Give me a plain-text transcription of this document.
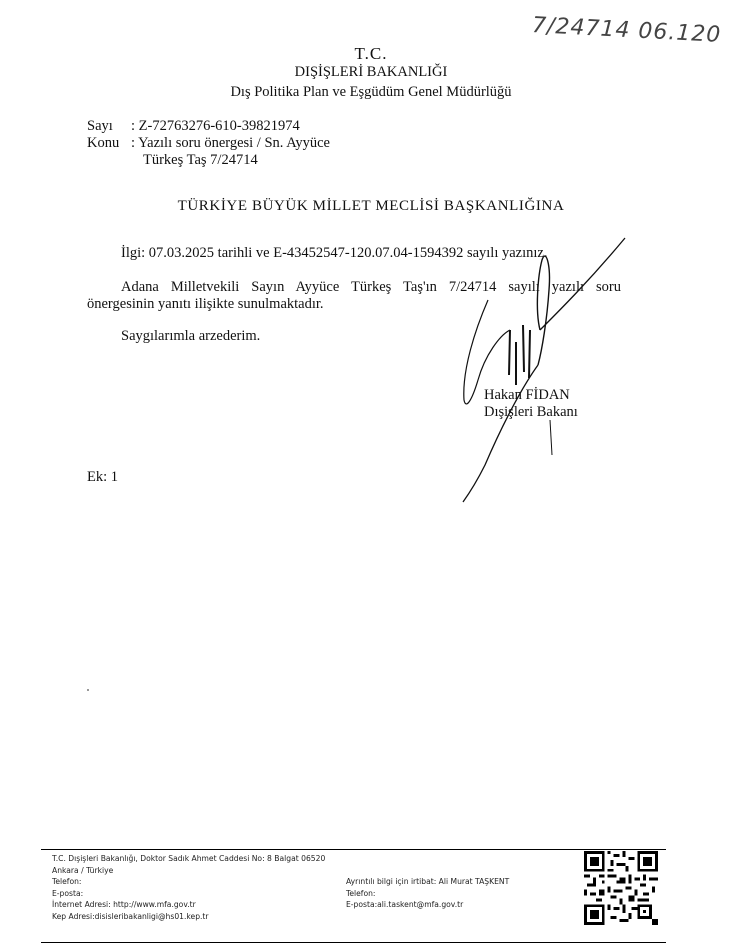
7/24714 06.120
T.C.
DIŞİŞLERİ BAKANLIĞI
Dış Politika Plan ve Eşgüdüm Genel Müdürlüğü
Sayı : Z-72763276-610-39821974
Konu : Yazılı soru önergesi / Sn. Ayyüce
Türkeş Taş 7/24714
TÜRKİYE BÜYÜK MİLLET MECLİSİ BAŞKANLIĞINA
İlgi: 07.03.2025 tarihli ve E-43452547-120.07.04-1594392 sayılı yazınız.
Adana Milletvekili Sayın Ayyüce Türkeş Taş'ın 7/24714 sayılı yazılı soru
önergesinin yanıtı ilişikte sunulmaktadır.
Saygılarımla arzederim.
Hakan FİDAN
Dışişleri Bakanı
Ek: 1
T.C. Dışişleri Bakanlığı, Doktor Sadık Ahmet Caddesi No: 8 Balgat 06520
Ankara / Türkiye
Telefon:
E-posta:
İnternet Adresi: http://www.mfa.gov.tr
Kep Adresi:disisleribakanligi@hs01.kep.tr
Ayrıntılı bilgi için irtibat: Ali Murat TAŞKENT
Telefon:
E-posta:ali.taskent@mfa.gov.tr
